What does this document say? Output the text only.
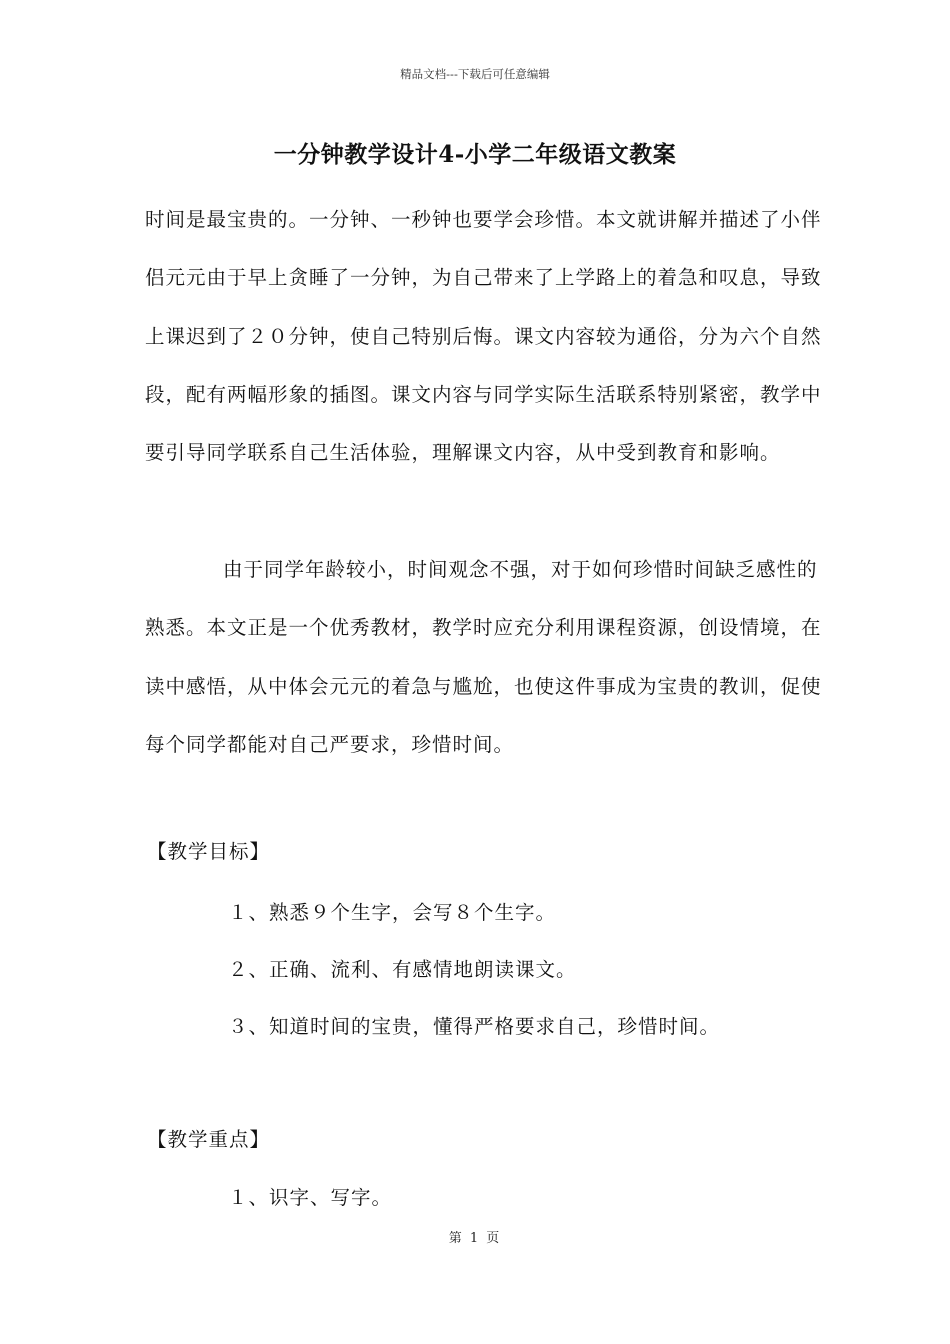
精品文档---下载后可任意编辑
一分钟教学设计4-小学二年级语文教案
时间是最宝贵的。一分钟、一秒钟也要学会珍惜。本文就讲解并描述了小伴侣元元由于早上贪睡了一分钟，为自己带来了上学路上的着急和叹息，导致上课迟到了２０分钟，使自己特别后悔。课文内容较为通俗，分为六个自然段，配有两幅形象的插图。课文内容与同学实际生活联系特别紧密，教学中要引导同学联系自己生活体验，理解课文内容，从中受到教育和影响。
由于同学年龄较小，时间观念不强，对于如何珍惜时间缺乏感性的熟悉。本文正是一个优秀教材，教学时应充分利用课程资源，创设情境，在读中感悟，从中体会元元的着急与尴尬，也使这件事成为宝贵的教训，促使每个同学都能对自己严要求，珍惜时间。
【教学目标】
１、熟悉９个生字，会写８个生字。
２、正确、流利、有感情地朗读课文。
３、知道时间的宝贵，懂得严格要求自己，珍惜时间。
【教学重点】
１、识字、写字。
第 1 页
